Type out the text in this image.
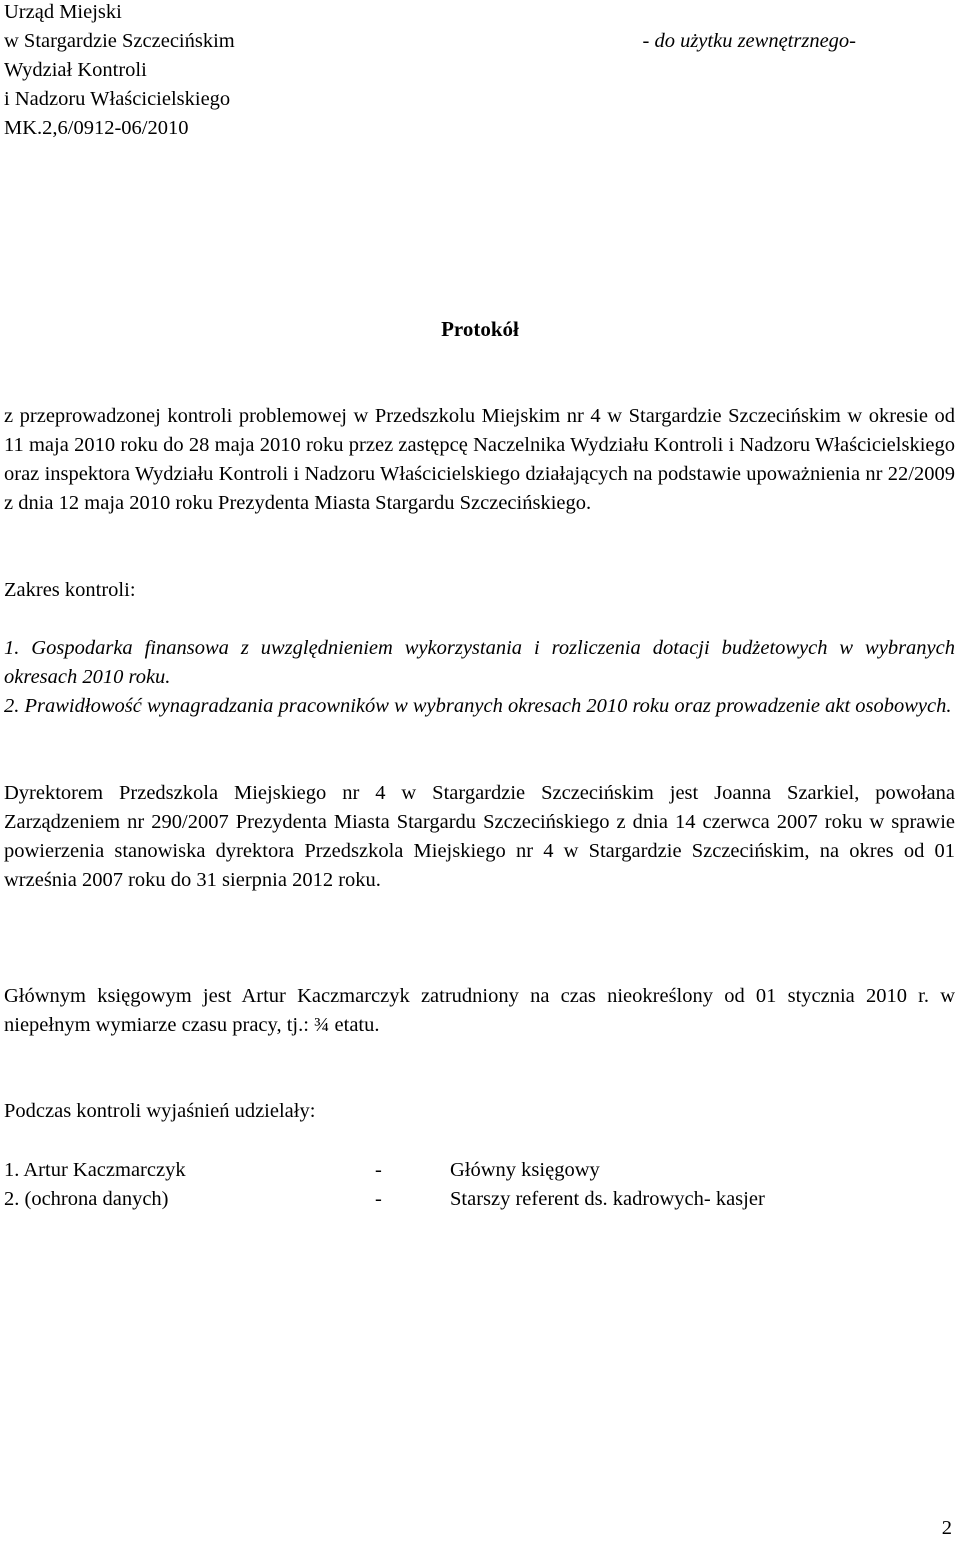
Urząd Miejski
w Stargardzie Szczecińskim
Wydział Kontroli
i Nadzoru Właścicielskiego
MK.2,6/0912-06/2010
- do użytku zewnętrznego-
Protokół

z przeprowadzonej kontroli problemowej w Przedszkolu Miejskim nr 4 w Stargardzie Szczecińskim w okresie od 11 maja 2010 roku do 28 maja 2010 roku przez zastępcę Naczelnika Wydziału Kontroli i Nadzoru Właścicielskiego oraz inspektora Wydziału Kontroli i Nadzoru Właścicielskiego działających na podstawie upoważnienia nr 22/2009 z dnia 12 maja 2010 roku Prezydenta Miasta Stargardu Szczecińskiego.

Zakres kontroli:

1. Gospodarka finansowa z uwzględnieniem wykorzystania i rozliczenia dotacji budżetowych w wybranych okresach 2010 roku.

2. Prawidłowość wynagradzania pracowników w wybranych okresach 2010 roku oraz prowadzenie akt osobowych.

Dyrektorem Przedszkola Miejskiego nr 4 w Stargardzie Szczecińskim jest Joanna Szarkiel, powołana Zarządzeniem nr 290/2007 Prezydenta Miasta Stargardu Szczecińskiego z dnia 14 czerwca 2007 roku w sprawie powierzenia stanowiska dyrektora Przedszkola Miejskiego nr 4 w Stargardzie Szczecińskim, na okres od 01 września 2007 roku do 31 sierpnia 2012 roku.

Głównym księgowym jest Artur Kaczmarczyk zatrudniony na czas nieokreślony od 01 stycznia 2010 r. w niepełnym wymiarze czasu pracy, tj.: ¾ etatu.

Podczas kontroli wyjaśnień udzielały:
1. Artur Kaczmarczyk	-	Główny księgowy
2. (ochrona danych)	-	Starszy referent ds. kadrowych- kasjer
2
